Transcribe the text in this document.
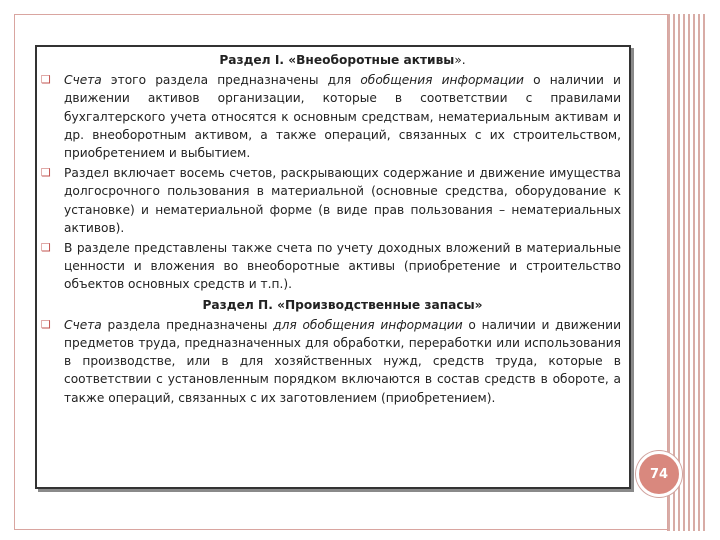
Раздел I. «Внеоборотные активы».

❑ Счета этого раздела предназначены для обобщения информации о наличии и движении активов организации, которые в соответствии с правилами бухгалтерского учета относятся к основным средствам, нематериальным активам и др. внеоборотным активом, а также операций, связанных с их строительством, приобретением и выбытием.

❑ Раздел включает восемь счетов, раскрывающих содержание и движение имущества долгосрочного пользования в материальной (основные средства, оборудование к установке) и нематериальной форме (в виде прав пользования – нематериальных активов).

❑ В разделе представлены также счета по учету доходных вложений в материальные ценности и вложения во внеоборотные активы (приобретение и строительство объектов основных средств и т.п.).

Раздел П. «Производственные запасы»

❑ Счета раздела предназначены для обобщения информации о наличии и движении предметов труда, предназначенных для обработки, переработки или использования в производстве, или в для хозяйственных нужд, средств труда, которые в соответствии с установленным порядком включаются в состав средств в обороте, а также операций, связанных с их заготовлением (приобретением).

74
